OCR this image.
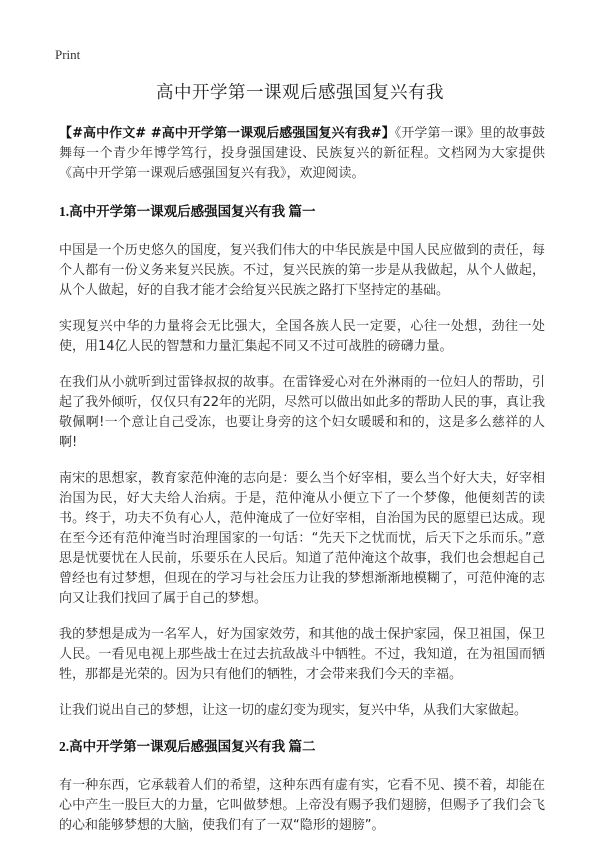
Print
高中开学第一课观后感强国复兴有我

【#高中作文# #高中开学第一课观后感强国复兴有我#】《开学第一课》里的故事鼓舞每一个青少年博学笃行，投身强国建设、民族复兴的新征程。文档网为大家提供《高中开学第一课观后感强国复兴有我》，欢迎阅读。

1.高中开学第一课观后感强国复兴有我 篇一

中国是一个历史悠久的国度，复兴我们伟大的中华民族是中国人民应做到的责任，每个人都有一份义务来复兴民族。不过，复兴民族的第一步是从我做起，从个人做起，从个人做起，好的自我才能才会给复兴民族之路打下坚持定的基础。

实现复兴中华的力量将会无比强大，全国各族人民一定要，心往一处想，劲往一处使，用14亿人民的智慧和力量汇集起不同又不过可战胜的磅礴力量。

在我们从小就听到过雷锋叔叔的故事。在雷锋爱心对在外淋雨的一位妇人的帮助，引起了我外倾听，仅仅只有22年的光阴，尽然可以做出如此多的帮助人民的事，真让我敬佩啊!一个意让自己受冻，也要让身旁的这个妇女暖暖和和的，这是多么慈祥的人啊!

南宋的思想家，教育家范仲淹的志向是：要么当个好宰相，要么当个好大夫，好宰相治国为民，好大夫给人治病。于是，范仲淹从小便立下了一个梦像，他便刻苦的读书。终于，功夫不负有心人，范仲淹成了一位好宰相，自治国为民的愿望已达成。现在至今还有范仲淹当时治理国家的一句话：“先天下之忧而忧，后天下之乐而乐。”意思是忧要忧在人民前，乐要乐在人民后。知道了范仲淹这个故事，我们也会想起自己曾经也有过梦想，但现在的学习与社会压力让我的梦想渐渐地模糊了，可范仲淹的志向又让我们找回了属于自己的梦想。

我的梦想是成为一名军人，好为国家效劳，和其他的战士保护家园，保卫祖国，保卫人民。一看见电视上那些战士在过去抗敌战斗中牺牲。不过，我知道，在为祖国而牺牲，那都是光荣的。因为只有他们的牺牲，才会带来我们今天的幸福。

让我们说出自己的梦想，让这一切的虚幻变为现实，复兴中华，从我们大家做起。

2.高中开学第一课观后感强国复兴有我 篇二

有一种东西，它承载着人们的希望，这种东西有虚有实，它看不见、摸不着，却能在心中产生一股巨大的力量，它叫做梦想。上帝没有赐予我们翅膀，但赐予了我们会飞的心和能够梦想的大脑，使我们有了一双“隐形的翅膀”。
